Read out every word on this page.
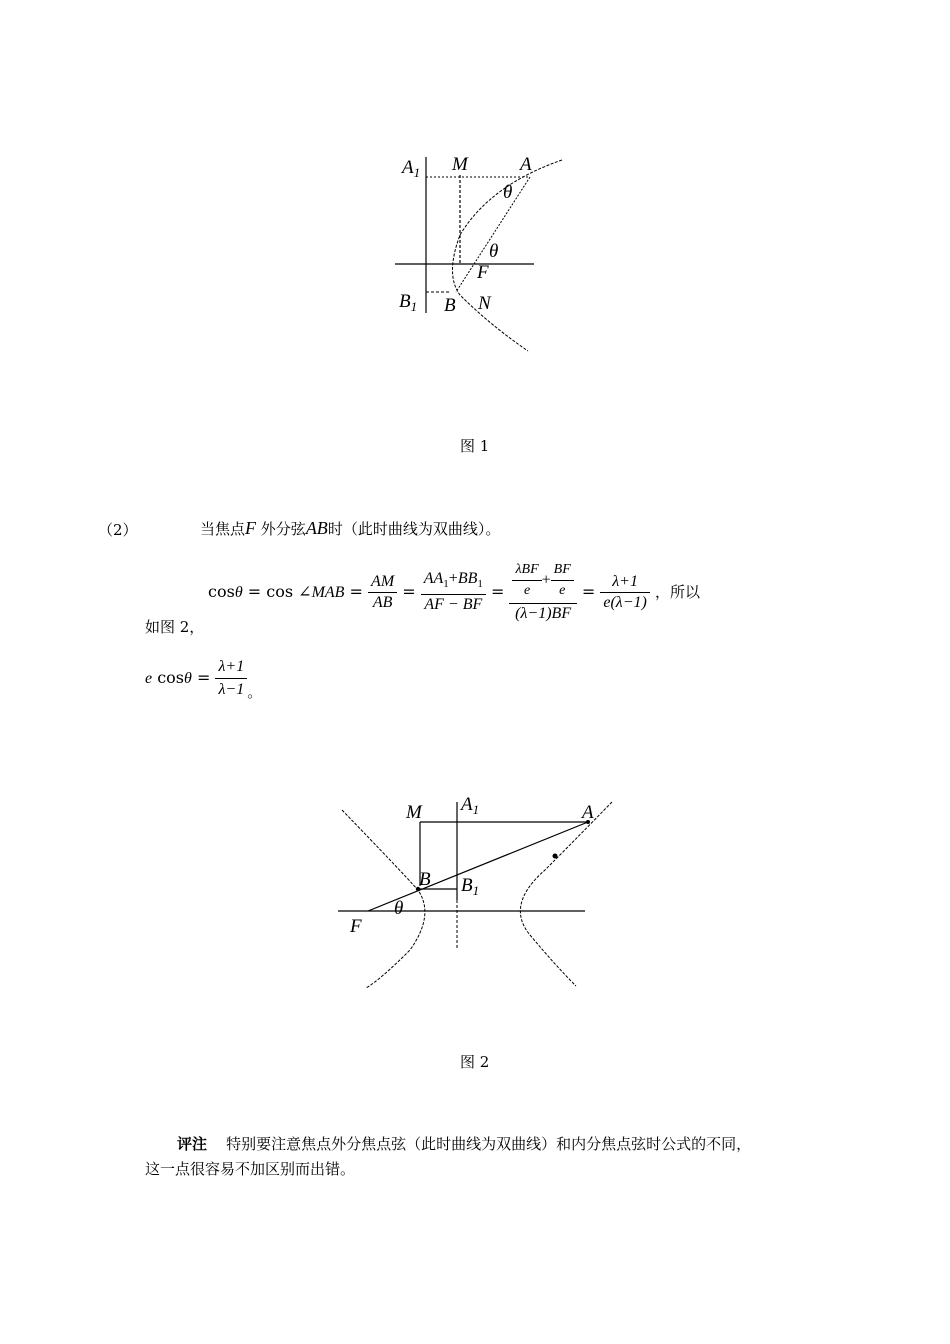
$A_1$ M	A
θ
θ
F
$B_1$ B N
图 1
（2）	当焦点F 外分弦AB时（此时曲线为双曲线）。
如图 2，
cosθ = cos ∠MAB = $\frac{AM}{AB} = \frac{AA_1+BB_1}{AF - BF} = \frac{\frac{\text{λBF}}{e} + \frac{BF}{e}}{(\lambda-1)BF} = \frac{\lambda+1}{e(\lambda-1)}$ ，所以
e $\cos\theta = \frac{\lambda+1}{\lambda-1}$ 。
M $A_1$	A
B $B_1$
θ
F
图 2
评注 特别要注意焦点外分焦点弦（此时曲线为双曲线）和内分焦点弦时公式的不同，
这一点很容易不加区别而出错。
